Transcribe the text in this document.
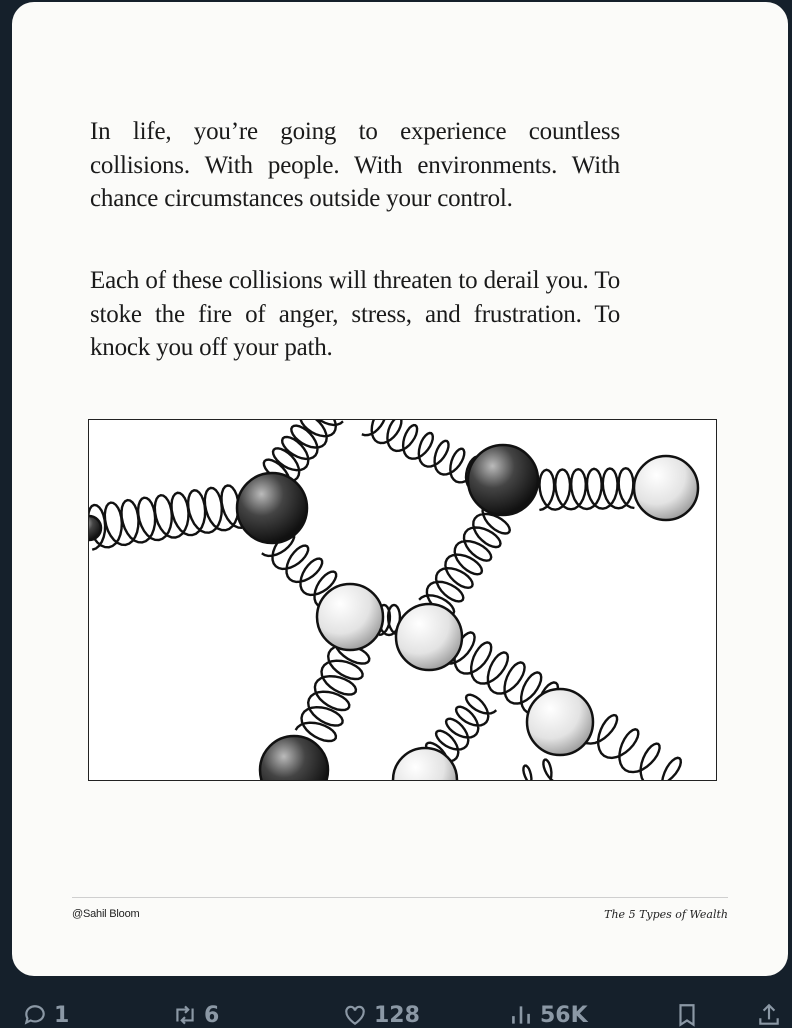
In life, you’re going to experience countless collisions. With people. With environments. With chance circumstances outside your control.

Each of these collisions will threaten to derail you. To stoke the fire of anger, stress, and frustration. To knock you off your path.

@Sahil Bloom	The 5 Types of Wealth
1	6	128	56K
